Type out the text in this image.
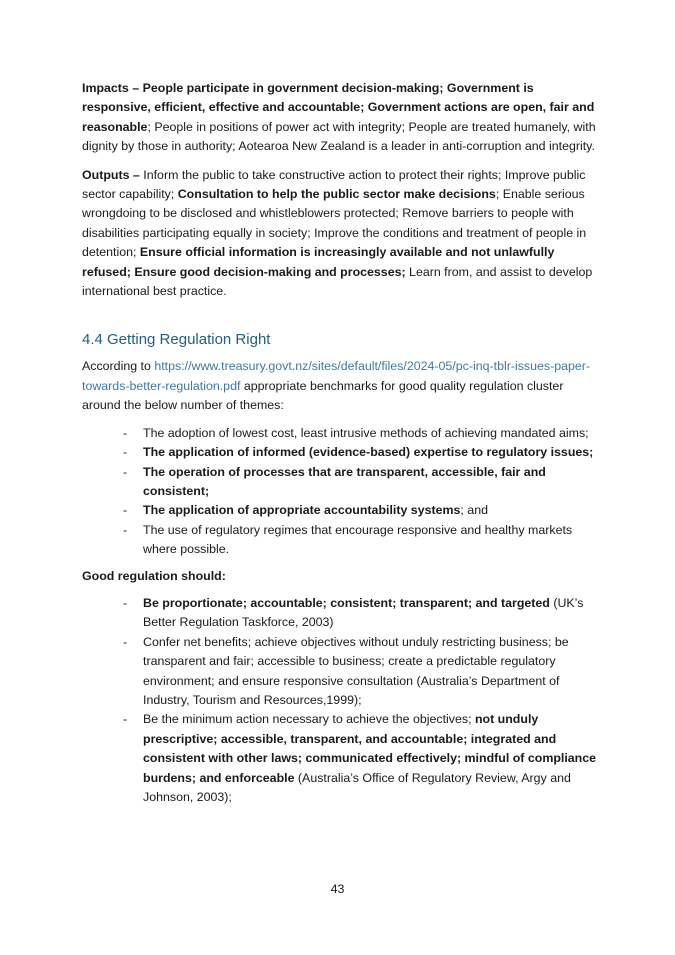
Impacts – People participate in government decision-making; Government is responsive, efficient, effective and accountable; Government actions are open, fair and reasonable; People in positions of power act with integrity; People are treated humanely, with dignity by those in authority; Aotearoa New Zealand is a leader in anti-corruption and integrity.

Outputs – Inform the public to take constructive action to protect their rights; Improve public sector capability; Consultation to help the public sector make decisions; Enable serious wrongdoing to be disclosed and whistleblowers protected; Remove barriers to people with disabilities participating equally in society; Improve the conditions and treatment of people in detention; Ensure official information is increasingly available and not unlawfully refused; Ensure good decision-making and processes; Learn from, and assist to develop international best practice.

4.4 Getting Regulation Right

According to https://www.treasury.govt.nz/sites/default/files/2024-05/pc-inq-tblr-issues-paper-towards-better-regulation.pdf appropriate benchmarks for good quality regulation cluster around the below number of themes:

- The adoption of lowest cost, least intrusive methods of achieving mandated aims;
- The application of informed (evidence-based) expertise to regulatory issues;
- The operation of processes that are transparent, accessible, fair and consistent;
- The application of appropriate accountability systems; and
- The use of regulatory regimes that encourage responsive and healthy markets where possible.

Good regulation should:

- Be proportionate; accountable; consistent; transparent; and targeted (UK’s Better Regulation Taskforce, 2003)
- Confer net benefits; achieve objectives without unduly restricting business; be transparent and fair; accessible to business; create a predictable regulatory environment; and ensure responsive consultation (Australia’s Department of Industry, Tourism and Resources,1999);
- Be the minimum action necessary to achieve the objectives; not unduly prescriptive; accessible, transparent, and accountable; integrated and consistent with other laws; communicated effectively; mindful of compliance burdens; and enforceable (Australia’s Office of Regulatory Review, Argy and Johnson, 2003);
43
